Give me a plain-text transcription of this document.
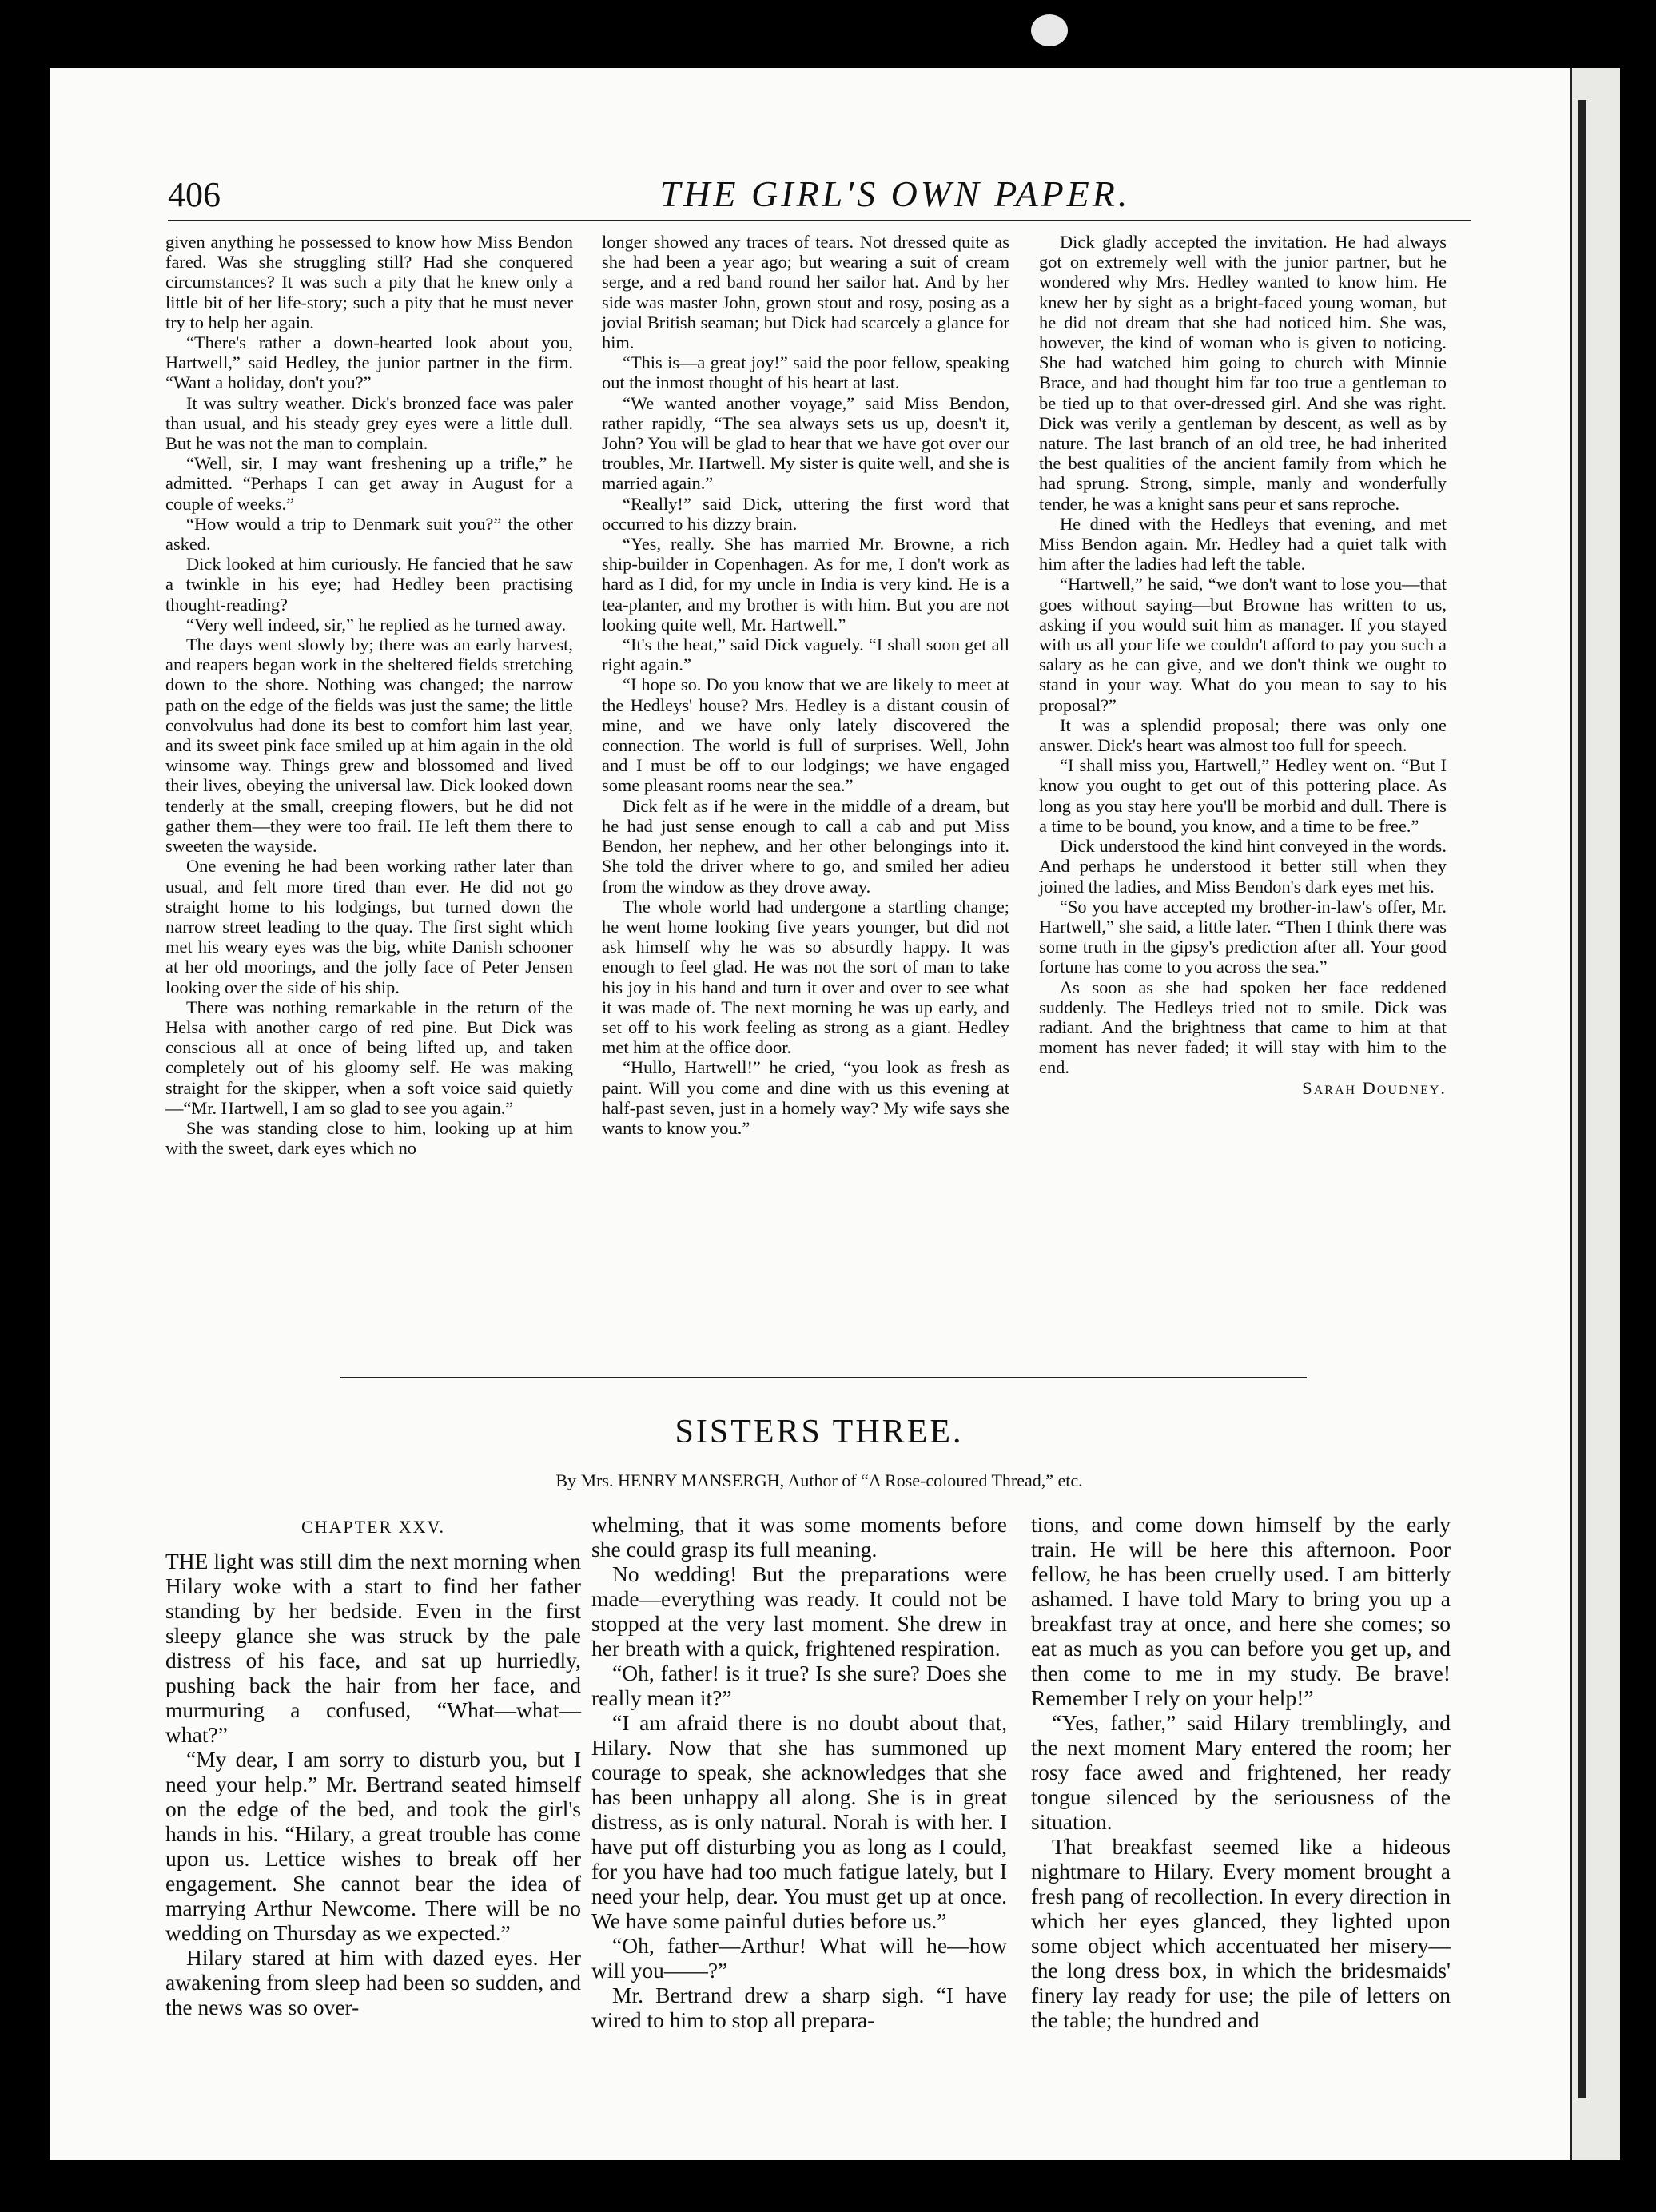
406	THE GIRL'S OWN PAPER.

given anything he possessed to know how Miss Bendon fared. Was she struggling still? Had she conquered circumstances? It was such a pity that he knew only a little bit of her life-story; such a pity that he must never try to help her again.

“There's rather a down-hearted look about you, Hartwell,” said Hedley, the junior partner in the firm. “Want a holiday, don't you?”

It was sultry weather. Dick's bronzed face was paler than usual, and his steady grey eyes were a little dull. But he was not the man to complain.

“Well, sir, I may want freshening up a trifle,” he admitted. “Perhaps I can get away in August for a couple of weeks.”

“How would a trip to Denmark suit you?” the other asked.

Dick looked at him curiously. He fancied that he saw a twinkle in his eye; had Hedley been practising thought-reading?

“Very well indeed, sir,” he replied as he turned away.

The days went slowly by; there was an early harvest, and reapers began work in the sheltered fields stretching down to the shore. Nothing was changed; the narrow path on the edge of the fields was just the same; the little convolvulus had done its best to comfort him last year, and its sweet pink face smiled up at him again in the old winsome way. Things grew and blossomed and lived their lives, obeying the universal law. Dick looked down tenderly at the small, creeping flowers, but he did not gather them—they were too frail. He left them there to sweeten the wayside.

One evening he had been working rather later than usual, and felt more tired than ever. He did not go straight home to his lodgings, but turned down the narrow street leading to the quay. The first sight which met his weary eyes was the big, white Danish schooner at her old moorings, and the jolly face of Peter Jensen looking over the side of his ship.

There was nothing remarkable in the return of the Helsa with another cargo of red pine. But Dick was conscious all at once of being lifted up, and taken completely out of his gloomy self. He was making straight for the skipper, when a soft voice said quietly—“Mr. Hartwell, I am so glad to see you again.”

She was standing close to him, looking up at him with the sweet, dark eyes which no

longer showed any traces of tears. Not dressed quite as she had been a year ago; but wearing a suit of cream serge, and a red band round her sailor hat. And by her side was master John, grown stout and rosy, posing as a jovial British seaman; but Dick had scarcely a glance for him.

“This is—a great joy!” said the poor fellow, speaking out the inmost thought of his heart at last.

“We wanted another voyage,” said Miss Bendon, rather rapidly, “The sea always sets us up, doesn't it, John? You will be glad to hear that we have got over our troubles, Mr. Hartwell. My sister is quite well, and she is married again.”

“Really!” said Dick, uttering the first word that occurred to his dizzy brain.

“Yes, really. She has married Mr. Browne, a rich ship-builder in Copenhagen. As for me, I don't work as hard as I did, for my uncle in India is very kind. He is a tea-planter, and my brother is with him. But you are not looking quite well, Mr. Hartwell.”

“It's the heat,” said Dick vaguely. “I shall soon get all right again.”

“I hope so. Do you know that we are likely to meet at the Hedleys' house? Mrs. Hedley is a distant cousin of mine, and we have only lately discovered the connection. The world is full of surprises. Well, John and I must be off to our lodgings; we have engaged some pleasant rooms near the sea.”

Dick felt as if he were in the middle of a dream, but he had just sense enough to call a cab and put Miss Bendon, her nephew, and her other belongings into it. She told the driver where to go, and smiled her adieu from the window as they drove away.

The whole world had undergone a startling change; he went home looking five years younger, but did not ask himself why he was so absurdly happy. It was enough to feel glad. He was not the sort of man to take his joy in his hand and turn it over and over to see what it was made of. The next morning he was up early, and set off to his work feeling as strong as a giant. Hedley met him at the office door.

“Hullo, Hartwell!” he cried, “you look as fresh as paint. Will you come and dine with us this evening at half-past seven, just in a homely way? My wife says she wants to know you.”

Dick gladly accepted the invitation. He had always got on extremely well with the junior partner, but he wondered why Mrs. Hedley wanted to know him. He knew her by sight as a bright-faced young woman, but he did not dream that she had noticed him. She was, however, the kind of woman who is given to noticing. She had watched him going to church with Minnie Brace, and had thought him far too true a gentleman to be tied up to that over-dressed girl. And she was right. Dick was verily a gentleman by descent, as well as by nature. The last branch of an old tree, he had inherited the best qualities of the ancient family from which he had sprung. Strong, simple, manly and wonderfully tender, he was a knight sans peur et sans reproche.

He dined with the Hedleys that evening, and met Miss Bendon again. Mr. Hedley had a quiet talk with him after the ladies had left the table.

“Hartwell,” he said, “we don't want to lose you—that goes without saying—but Browne has written to us, asking if you would suit him as manager. If you stayed with us all your life we couldn't afford to pay you such a salary as he can give, and we don't think we ought to stand in your way. What do you mean to say to his proposal?”

It was a splendid proposal; there was only one answer. Dick's heart was almost too full for speech.

“I shall miss you, Hartwell,” Hedley went on. “But I know you ought to get out of this pottering place. As long as you stay here you'll be morbid and dull. There is a time to be bound, you know, and a time to be free.”

Dick understood the kind hint conveyed in the words. And perhaps he understood it better still when they joined the ladies, and Miss Bendon's dark eyes met his.

“So you have accepted my brother-in-law's offer, Mr. Hartwell,” she said, a little later. “Then I think there was some truth in the gipsy's prediction after all. Your good fortune has come to you across the sea.”

As soon as she had spoken her face reddened suddenly. The Hedleys tried not to smile. Dick was radiant. And the brightness that came to him at that moment has never faded; it will stay with him to the end.

Sarah Doudney.

SISTERS THREE.
By Mrs. HENRY MANSERGH, Author of “A Rose-coloured Thread,” etc.
CHAPTER XXV.

THE light was still dim the next morning when Hilary woke with a start to find her father standing by her bedside. Even in the first sleepy glance she was struck by the pale distress of his face, and sat up hurriedly, pushing back the hair from her face, and murmuring a confused, “What—what—what?”

“My dear, I am sorry to disturb you, but I need your help.” Mr. Bertrand seated himself on the edge of the bed, and took the girl's hands in his. “Hilary, a great trouble has come upon us. Lettice wishes to break off her engagement. She cannot bear the idea of marrying Arthur Newcome. There will be no wedding on Thursday as we expected.”

Hilary stared at him with dazed eyes. Her awakening from sleep had been so sudden, and the news was so over-

whelming, that it was some moments before she could grasp its full meaning.

No wedding! But the preparations were made—everything was ready. It could not be stopped at the very last moment. She drew in her breath with a quick, frightened respiration.

“Oh, father! is it true? Is she sure? Does she really mean it?”

“I am afraid there is no doubt about that, Hilary. Now that she has summoned up courage to speak, she acknowledges that she has been unhappy all along. She is in great distress, as is only natural. Norah is with her. I have put off disturbing you as long as I could, for you have had too much fatigue lately, but I need your help, dear. You must get up at once. We have some painful duties before us.”

“Oh, father—Arthur! What will he—how will you——?”

Mr. Bertrand drew a sharp sigh. “I have wired to him to stop all prepara-

tions, and come down himself by the early train. He will be here this afternoon. Poor fellow, he has been cruelly used. I am bitterly ashamed. I have told Mary to bring you up a breakfast tray at once, and here she comes; so eat as much as you can before you get up, and then come to me in my study. Be brave! Remember I rely on your help!”

“Yes, father,” said Hilary tremblingly, and the next moment Mary entered the room; her rosy face awed and frightened, her ready tongue silenced by the seriousness of the situation.

That breakfast seemed like a hideous nightmare to Hilary. Every moment brought a fresh pang of recollection. In every direction in which her eyes glanced, they lighted upon some object which accentuated her misery—the long dress box, in which the bridesmaids' finery lay ready for use; the pile of letters on the table; the hundred and
